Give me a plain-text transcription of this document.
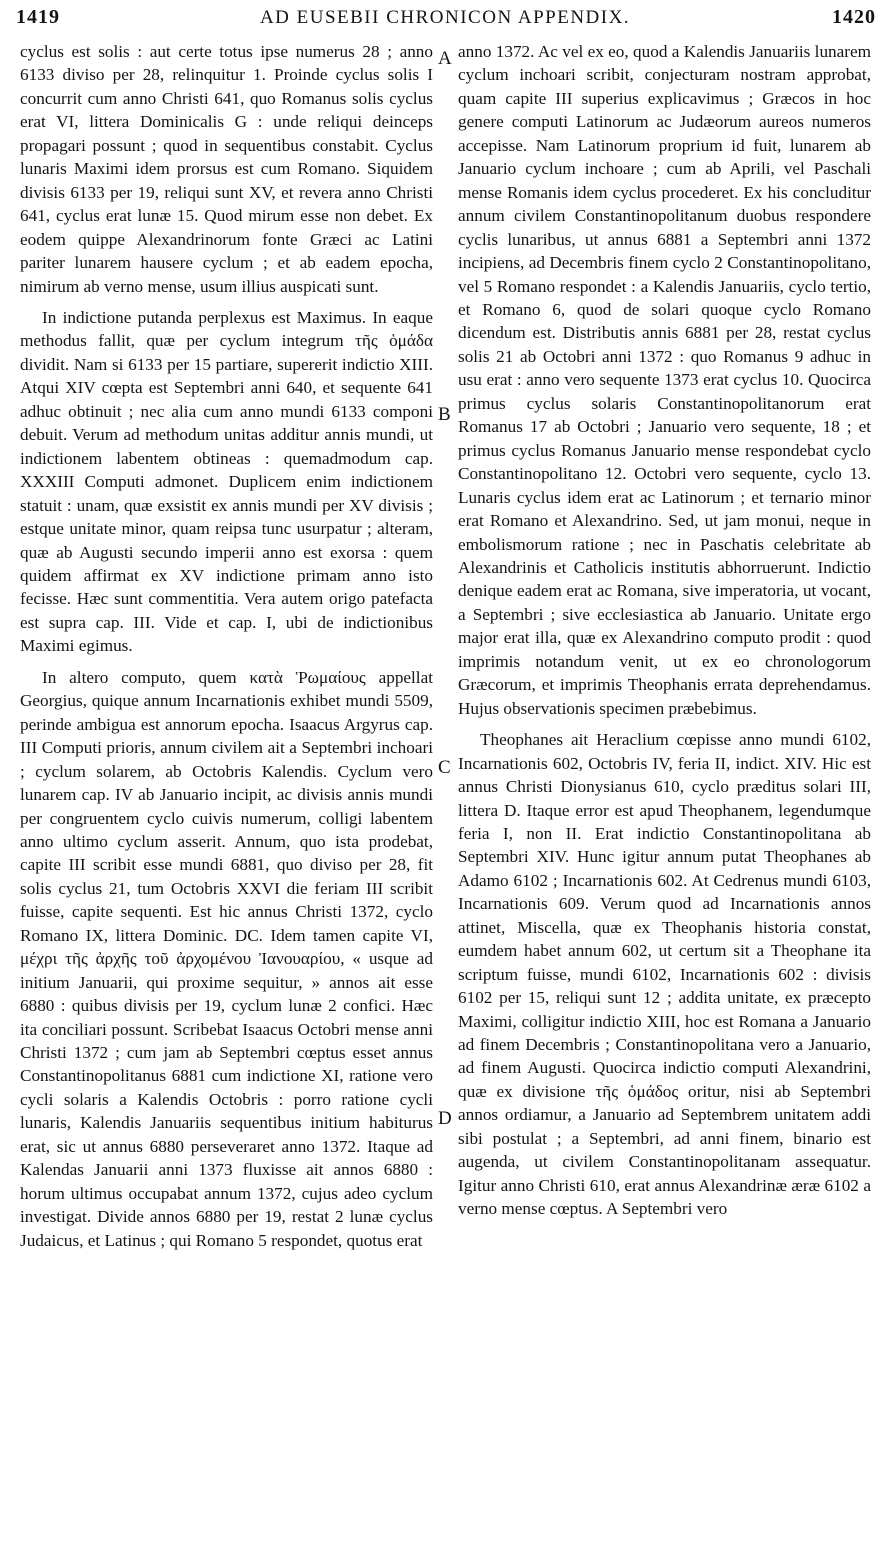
1419	AD EUSEBII CHRONICON APPENDIX.	1420

cyclus est solis : aut certe totus ipse numerus 28 ; anno 6133 diviso per 28, relinquitur 1. Proinde cyclus solis I concurrit cum anno Christi 641, quo Romanus solis cyclus erat VI, littera Dominicalis G : unde reliqui deinceps propagari possunt ; quod in sequentibus constabit. Cyclus lunaris Maximi idem prorsus est cum Romano. Siquidem divisis 6133 per 19, reliqui sunt XV, et revera anno Christi 641, cyclus erat lunæ 15. Quod mirum esse non debet. Ex eodem quippe Alexandrinorum fonte Græci ac Latini pariter lunarem hausere cyclum ; et ab eadem epocha, nimirum ab verno mense, usum illius auspicati sunt.

In indictione putanda perplexus est Maximus. In eaque methodus fallit, quæ per cyclum integrum τῆς ὁμάδα dividit. Nam si 6133 per 15 partiare, supererit indictio XIII. Atqui XIV cœpta est Septembri anni 640, et sequente 641 adhuc obtinuit ; nec alia cum anno mundi 6133 componi debuit. Verum ad methodum unitas additur annis mundi, ut indictionem labentem obtineas : quemadmodum cap. XXXIII Computi admonet. Duplicem enim indictionem statuit : unam, quæ exsistit ex annis mundi per XV divisis ; estque unitate minor, quam reipsa tunc usurpatur ; alteram, quæ ab Augusti secundo imperii anno est exorsa : quem quidem affirmat ex XV indictione primam anno isto fecisse. Hæc sunt commentitia. Vera autem origo patefacta est supra cap. III. Vide et cap. I, ubi de indictionibus Maximi egimus.

In altero computo, quem κατὰ Ῥωμαίους appellat Georgius, quique annum Incarnationis exhibet mundi 5509, perinde ambigua est annorum epocha. Isaacus Argyrus cap. III Computi prioris, annum civilem ait a Septembri inchoari ; cyclum solarem, ab Octobris Kalendis. Cyclum vero lunarem cap. IV ab Januario incipit, ac divisis annis mundi per congruentem cyclo cuivis numerum, colligi labentem anno ultimo cyclum asserit. Annum, quo ista prodebat, capite III scribit esse mundi 6881, quo diviso per 28, fit solis cyclus 21, tum Octobris XXVI die feriam III scribit fuisse, capite sequenti. Est hic annus Christi 1372, cyclo Romano IX, littera Dominic. DC. Idem tamen capite VI, μέχρι τῆς ἀρχῆς τοῦ ἀρχομένου Ἰανουαρίου, « usque ad initium Januarii, qui proxime sequitur, » annos ait esse 6880 : quibus divisis per 19, cyclum lunæ 2 confici. Hæc ita conciliari possunt. Scribebat Isaacus Octobri mense anni Christi 1372 ; cum jam ab Septembri cœptus esset annus Constantinopolitanus 6881 cum indictione XI, ratione vero cycli solaris a Kalendis Octobris : porro ratione cycli lunaris, Kalendis Januariis sequentibus initium habiturus erat, sic ut annus 6880 perseveraret anno 1372. Itaque ad Kalendas Januarii anni 1373 fluxisse ait annos 6880 : horum ultimus occupabat annum 1372, cujus adeo cyclum investigat. Divide annos 6880 per 19, restat 2 lunæ cyclus Judaicus, et Latinus ; qui Romano 5 respondet, quotus erat

A
B
C
D

anno 1372. Ac vel ex eo, quod a Kalendis Januariis lunarem cyclum inchoari scribit, conjecturam nostram approbat, quam capite III superius explicavimus ; Græcos in hoc genere computi Latinorum ac Judæorum aureos numeros accepisse. Nam Latinorum proprium id fuit, lunarem ab Januario cyclum inchoare ; cum ab Aprili, vel Paschali mense Romanis idem cyclus procederet. Ex his concluditur annum civilem Constantinopolitanum duobus respondere cyclis lunaribus, ut annus 6881 a Septembri anni 1372 incipiens, ad Decembris finem cyclo 2 Constantinopolitano, vel 5 Romano respondet : a Kalendis Januariis, cyclo tertio, et Romano 6, quod de solari quoque cyclo Romano dicendum est. Distributis annis 6881 per 28, restat cyclus solis 21 ab Octobri anni 1372 : quo Romanus 9 adhuc in usu erat : anno vero sequente 1373 erat cyclus 10. Quocirca primus cyclus solaris Constantinopolitanorum erat Romanus 17 ab Octobri ; Januario vero sequente, 18 ; et primus cyclus Romanus Januario mense respondebat cyclo Constantinopolitano 12. Octobri vero sequente, cyclo 13. Lunaris cyclus idem erat ac Latinorum ; et ternario minor erat Romano et Alexandrino. Sed, ut jam monui, neque in embolismorum ratione ; nec in Paschatis celebritate ab Alexandrinis et Catholicis institutis abhorruerunt. Indictio denique eadem erat ac Romana, sive imperatoria, ut vocant, a Septembri ; sive ecclesiastica ab Januario. Unitate ergo major erat illa, quæ ex Alexandrino computo prodit : quod imprimis notandum venit, ut ex eo chronologorum Græcorum, et imprimis Theophanis errata deprehendamus. Hujus observationis specimen præbebimus.

Theophanes ait Heraclium cœpisse anno mundi 6102, Incarnationis 602, Octobris IV, feria II, indict. XIV. Hic est annus Christi Dionysianus 610, cyclo præditus solari III, littera D. Itaque error est apud Theophanem, legendumque feria I, non II. Erat indictio Constantinopolitana ab Septembri XIV. Hunc igitur annum putat Theophanes ab Adamo 6102 ; Incarnationis 602. At Cedrenus mundi 6103, Incarnationis 609. Verum quod ad Incarnationis annos attinet, Miscella, quæ ex Theophanis historia constat, eumdem habet annum 602, ut certum sit a Theophane ita scriptum fuisse, mundi 6102, Incarnationis 602 : divisis 6102 per 15, reliqui sunt 12 ; addita unitate, ex præcepto Maximi, colligitur indictio XIII, hoc est Romana a Januario ad finem Decembris ; Constantinopolitana vero a Januario, ad finem Augusti. Quocirca indictio computi Alexandrini, quæ ex divisione τῆς ὁμάδος oritur, nisi ab Septembri annos ordiamur, a Januario ad Septembrem unitatem addi sibi postulat ; a Septembri, ad anni finem, binario est augenda, ut civilem Constantinopolitanam assequatur. Igitur anno Christi 610, erat annus Alexandrinæ æræ 6102 a verno mense cœptus. A Septembri vero
